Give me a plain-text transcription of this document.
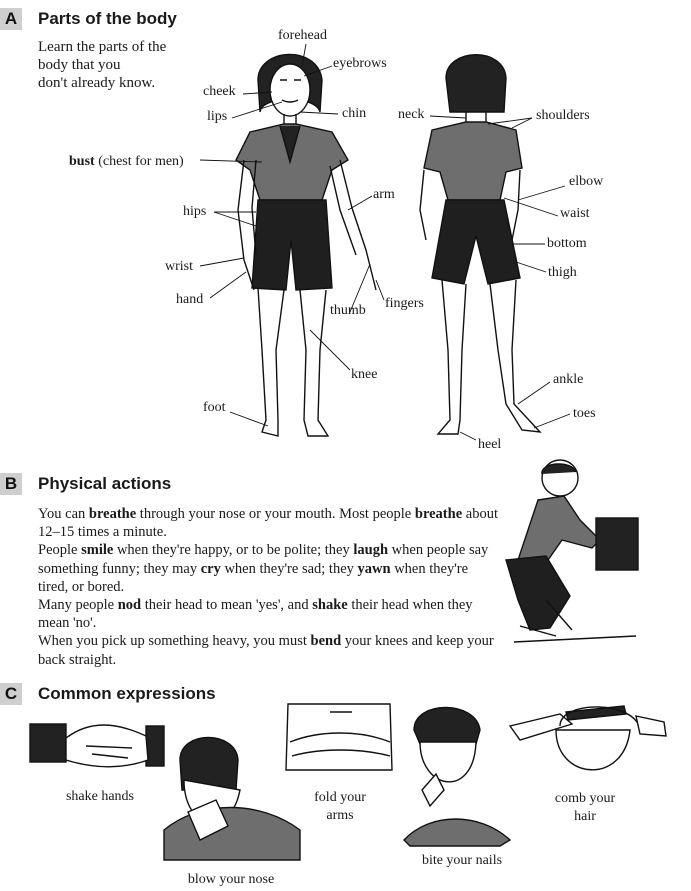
A Parts of the body
Learn the parts of the
body that you
don't already know.
forehead
eyebrows
cheek
lips	chin neck	shoulders
bust (chest for men)
arm
elbow
hips	waist
bottom
wrist	thigh
hand
thumb fingers
knee	ankle
foot	toes
heel
B Physical actions

You can breathe through your nose or your mouth. Most people breathe about 12–15 times a minute.

People smile when they're happy, or to be polite; they laugh when people say something funny; they may cry when they're sad; they yawn when they're tired, or bored.

Many people nod their head to mean 'yes', and shake their head when they mean 'no'.

When you pick up something heavy, you must bend your knees and keep your back straight.

C Common expressions
shake hands
blow your nose
fold your
arms
bite your nails
comb your
hair
